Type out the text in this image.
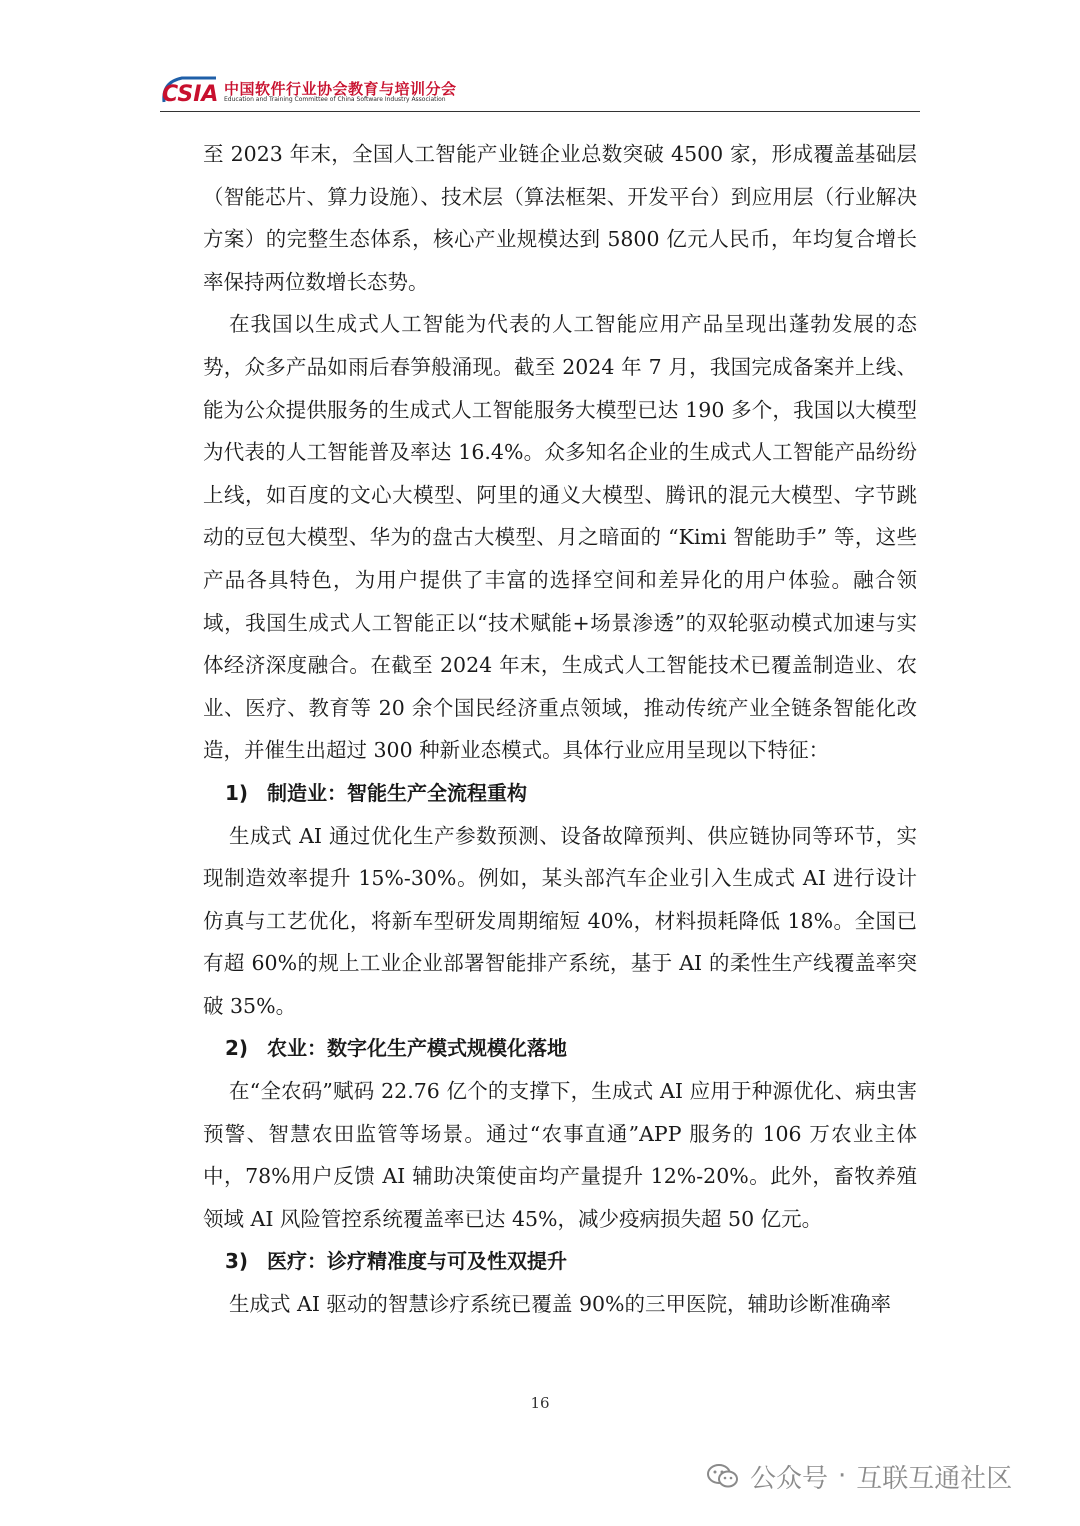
CSIA 中国软件行业协会教育与培训分会
Education and Training Committee of China Software Industry Association

至 2023 年末，全国人工智能产业链企业总数突破 4500 家，形成覆盖基础层（智能芯片、算力设施）、技术层（算法框架、开发平台）到应用层（行业解决方案）的完整生态体系，核心产业规模达到 5800 亿元人民币，年均复合增长率保持两位数增长态势。

在我国以生成式人工智能为代表的人工智能应用产品呈现出蓬勃发展的态势，众多产品如雨后春笋般涌现。截至 2024 年 7 月，我国完成备案并上线、能为公众提供服务的生成式人工智能服务大模型已达 190 多个，我国以大模型为代表的人工智能普及率达 16.4%。众多知名企业的生成式人工智能产品纷纷上线，如百度的文心大模型、阿里的通义大模型、腾讯的混元大模型、字节跳动的豆包大模型、华为的盘古大模型、月之暗面的 “Kimi 智能助手” 等，这些产品各具特色，为用户提供了丰富的选择空间和差异化的用户体验。融合领域，我国生成式人工智能正以“技术赋能+场景渗透”的双轮驱动模式加速与实体经济深度融合。在截至 2024 年末，生成式人工智能技术已覆盖制造业、农业、医疗、教育等 20 余个国民经济重点领域，推动传统产业全链条智能化改造，并催生出超过 300 种新业态模式。具体行业应用呈现以下特征：

1) 制造业：智能生产全流程重构

生成式 AI 通过优化生产参数预测、设备故障预判、供应链协同等环节，实现制造效率提升 15%-30%。例如，某头部汽车企业引入生成式 AI 进行设计仿真与工艺优化，将新车型研发周期缩短 40%，材料损耗降低 18%。全国已有超 60%的规上工业企业部署智能排产系统，基于 AI 的柔性生产线覆盖率突破 35%。

2) 农业：数字化生产模式规模化落地

在“全农码”赋码 22.76 亿个的支撑下，生成式 AI 应用于种源优化、病虫害预警、智慧农田监管等场景。通过“农事直通”APP 服务的 106 万农业主体中，78%用户反馈 AI 辅助决策使亩均产量提升 12%-20%。此外，畜牧养殖领域 AI 风险管控系统覆盖率已达 45%，减少疫病损失超 50 亿元。

3) 医疗：诊疗精准度与可及性双提升

生成式 AI 驱动的智慧诊疗系统已覆盖 90%的三甲医院，辅助诊断准确率

16
公众号 · 互联互通社区
